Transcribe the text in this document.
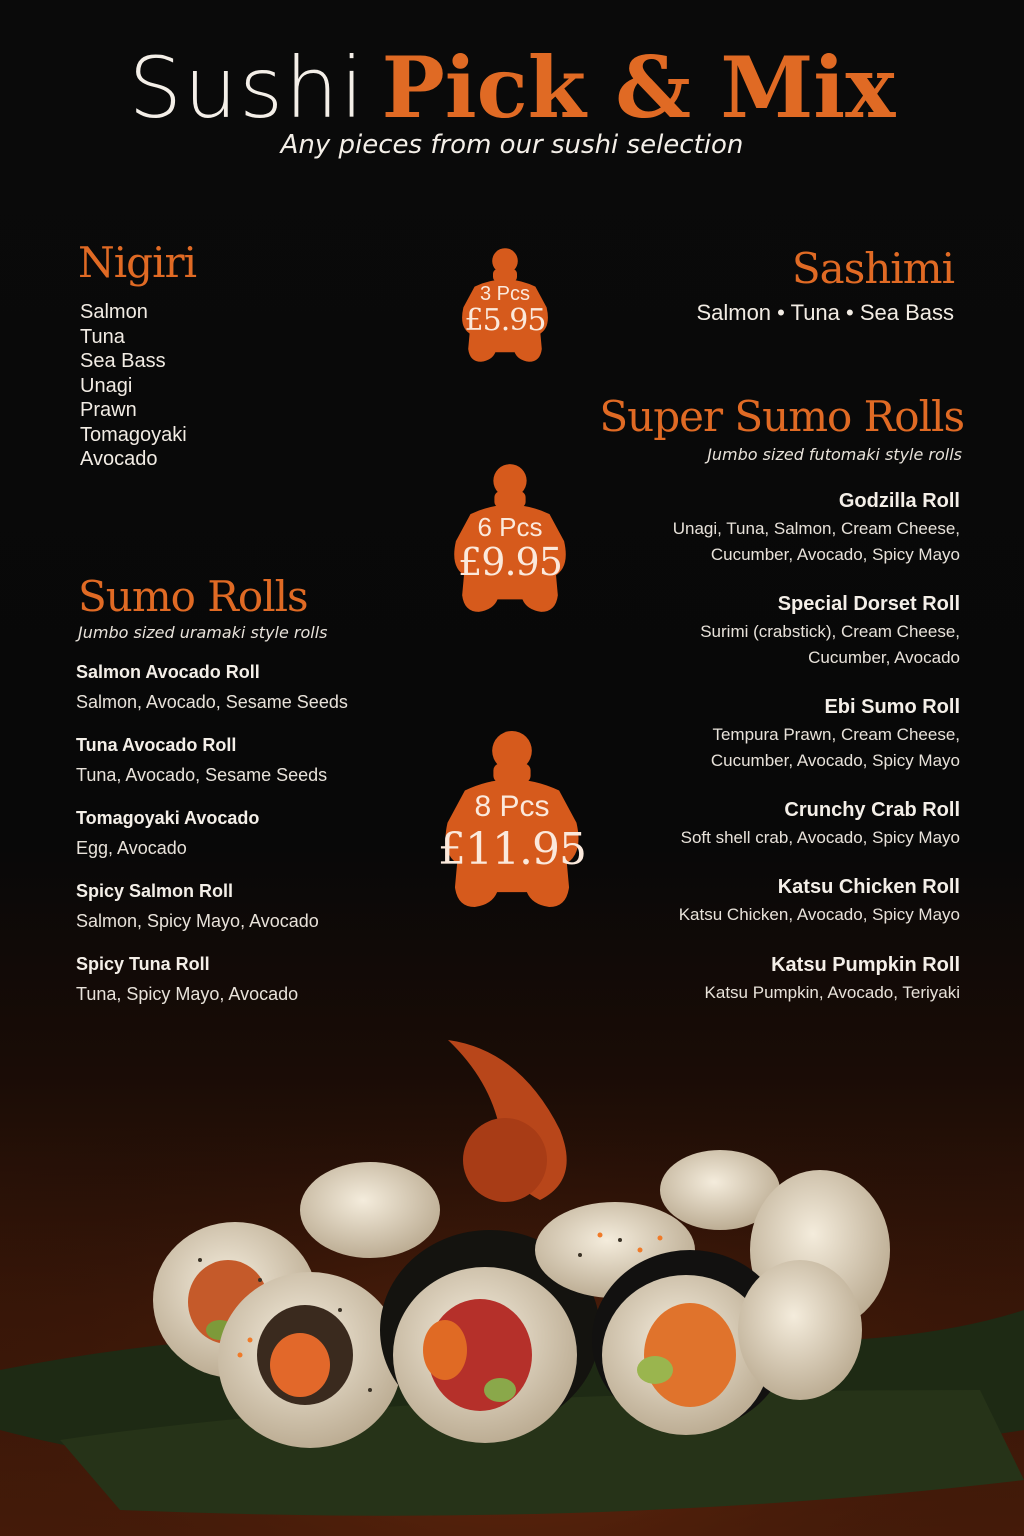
Sushi Pick & Mix
Any pieces from our sushi selection
Nigiri
Salmon
Tuna
Sea Bass
Unagi
Prawn
Tomagoyaki
Avocado
Sashimi
Salmon • Tuna • Sea Bass
Super Sumo Rolls
Jumbo sized futomaki style rolls
Godzilla Roll
Unagi, Tuna, Salmon, Cream Cheese,
Cucumber, Avocado, Spicy Mayo
Special Dorset Roll
Surimi (crabstick), Cream Cheese,
Cucumber, Avocado
Ebi Sumo Roll
Tempura Prawn, Cream Cheese,
Cucumber, Avocado, Spicy Mayo
Crunchy Crab Roll
Soft shell crab, Avocado, Spicy Mayo
Katsu Chicken Roll
Katsu Chicken, Avocado, Spicy Mayo
Katsu Pumpkin Roll
Katsu Pumpkin, Avocado, Teriyaki
Sumo Rolls
Jumbo sized uramaki style rolls
Salmon Avocado Roll
Salmon, Avocado, Sesame Seeds
Tuna Avocado Roll
Tuna, Avocado, Sesame Seeds
Tomagoyaki Avocado
Egg, Avocado
Spicy Salmon Roll
Salmon, Spicy Mayo, Avocado
Spicy Tuna Roll
Tuna, Spicy Mayo, Avocado
3 Pcs
£5.95
6 Pcs
£9.95
8 Pcs
£11.95
